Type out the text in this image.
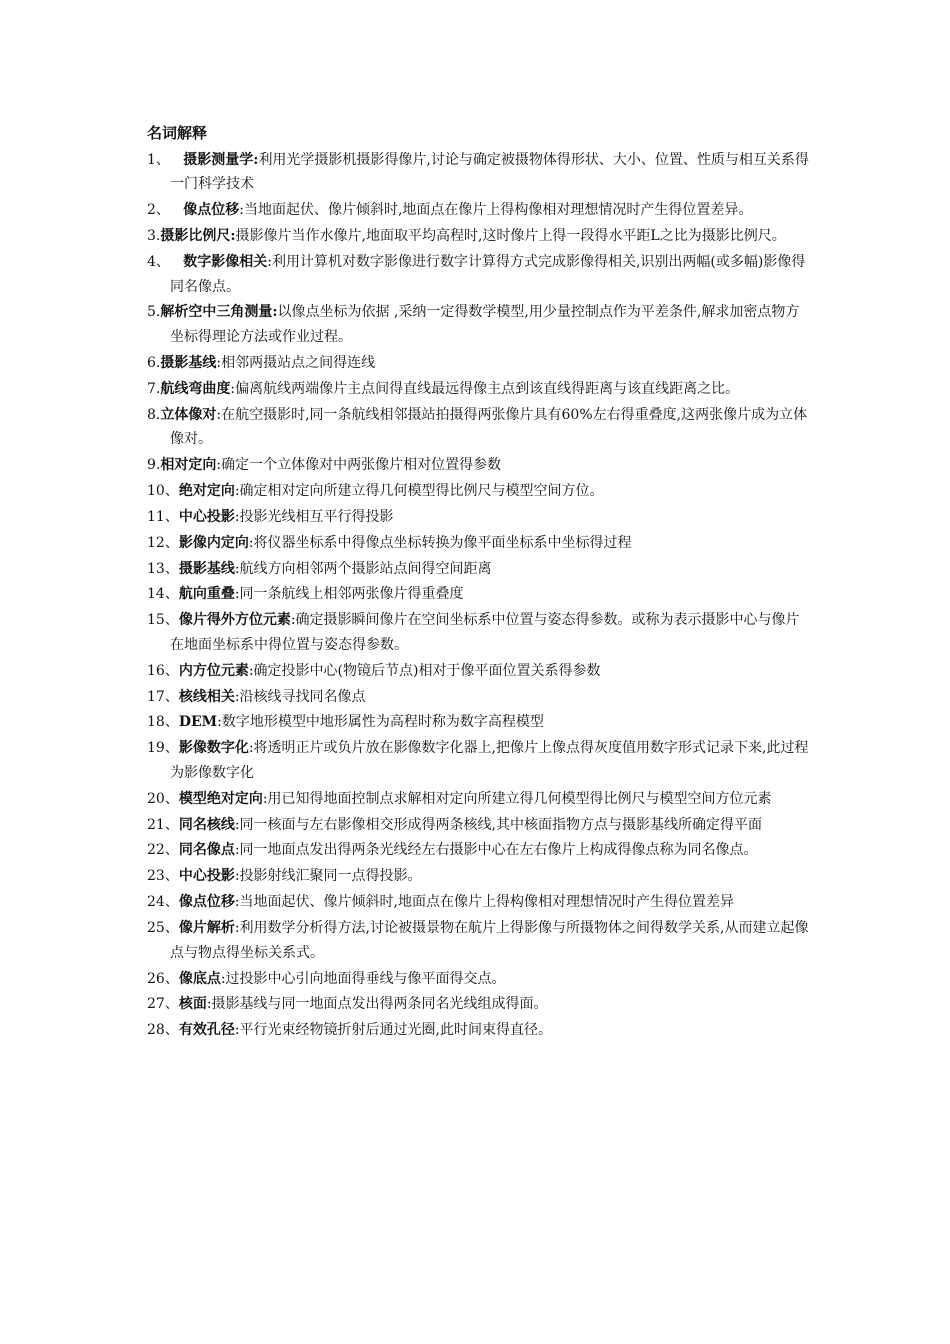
名词解释
1、   摄影测量学:利用光学摄影机摄影得像片,讨论与确定被摄物体得形状、大小、位置、性质与相互关系得一门科学技术
2、   像点位移:当地面起伏、像片倾斜时,地面点在像片上得构像相对理想情况时产生得位置差异。
3.摄影比例尺:摄影像片当作水像片,地面取平均高程时,这时像片上得一段得水平距L之比为摄影比例尺。
4、   数字影像相关:利用计算机对数字影像进行数字计算得方式完成影像得相关,识别出两幅(或多幅)影像得同名像点。
5.解析空中三角测量:以像点坐标为依据 ,采纳一定得数学模型,用少量控制点作为平差条件,解求加密点物方坐标得理论方法或作业过程。
6.摄影基线:相邻两摄站点之间得连线
7.航线弯曲度:偏离航线两端像片主点间得直线最远得像主点到该直线得距离与该直线距离之比。
8.立体像对:在航空摄影时,同一条航线相邻摄站拍摄得两张像片具有60%左右得重叠度,这两张像片成为立体像对。
9.相对定向:确定一个立体像对中两张像片相对位置得参数
10、绝对定向:确定相对定向所建立得几何模型得比例尺与模型空间方位。
11、中心投影:投影光线相互平行得投影
12、影像内定向:将仪器坐标系中得像点坐标转换为像平面坐标系中坐标得过程
13、摄影基线:航线方向相邻两个摄影站点间得空间距离
14、航向重叠:同一条航线上相邻两张像片得重叠度
15、像片得外方位元素:确定摄影瞬间像片在空间坐标系中位置与姿态得参数。或称为表示摄影中心与像片在地面坐标系中得位置与姿态得参数。
16、内方位元素:确定投影中心(物镜后节点)相对于像平面位置关系得参数
17、核线相关:沿核线寻找同名像点
18、DEM:数字地形模型中地形属性为高程时称为数字高程模型
19、影像数字化:将透明正片或负片放在影像数字化器上,把像片上像点得灰度值用数字形式记录下来,此过程为影像数字化
20、模型绝对定向:用已知得地面控制点求解相对定向所建立得几何模型得比例尺与模型空间方位元素
21、同名核线:同一核面与左右影像相交形成得两条核线,其中核面指物方点与摄影基线所确定得平面
22、同名像点:同一地面点发出得两条光线经左右摄影中心在左右像片上构成得像点称为同名像点。
23、中心投影:投影射线汇聚同一点得投影。
24、像点位移:当地面起伏、像片倾斜时,地面点在像片上得构像相对理想情况时产生得位置差异
25、像片解析:利用数学分析得方法,讨论被摄景物在航片上得影像与所摄物体之间得数学关系,从而建立起像点与物点得坐标关系式。
26、像底点:过投影中心引向地面得垂线与像平面得交点。
27、核面:摄影基线与同一地面点发出得两条同名光线组成得面。
28、有效孔径:平行光束经物镜折射后通过光圈,此时间束得直径。
